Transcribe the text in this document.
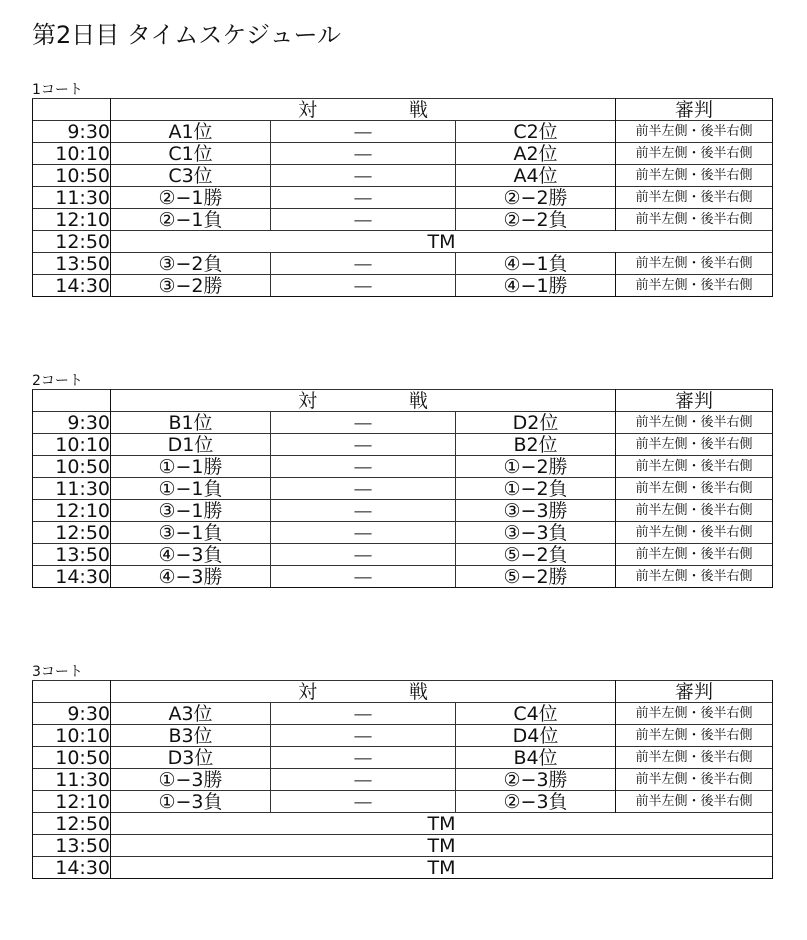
第2日目 タイムスケジュール
1コート
	対 戦			審判
9:30	A1位	—	C2位	前半左側・後半右側
10:10	C1位	—	A2位	前半左側・後半右側
10:50	C3位	—	A4位	前半左側・後半右側
11:30	②−1勝	—	②−2勝	前半左側・後半右側
12:10	②−1負	—	②−2負	前半左側・後半右側
12:50	TM			
13:50	③−2負	—	④−1負	前半左側・後半右側
14:30	③−2勝	—	④−1勝	前半左側・後半右側
2コート
	対 戦			審判
9:30	B1位	—	D2位	前半左側・後半右側
10:10	D1位	—	B2位	前半左側・後半右側
10:50	①−1勝	—	①−2勝	前半左側・後半右側
11:30	①−1負	—	①−2負	前半左側・後半右側
12:10	③−1勝	—	③−3勝	前半左側・後半右側
12:50	③−1負	—	③−3負	前半左側・後半右側
13:50	④−3負	—	⑤−2負	前半左側・後半右側
14:30	④−3勝	—	⑤−2勝	前半左側・後半右側
3コート
	対 戦			審判
9:30	A3位	—	C4位	前半左側・後半右側
10:10	B3位	—	D4位	前半左側・後半右側
10:50	D3位	—	B4位	前半左側・後半右側
11:30	①−3勝	—	②−3勝	前半左側・後半右側
12:10	①−3負	—	②−3負	前半左側・後半右側
12:50	TM			
13:50	TM			
14:30	TM			
